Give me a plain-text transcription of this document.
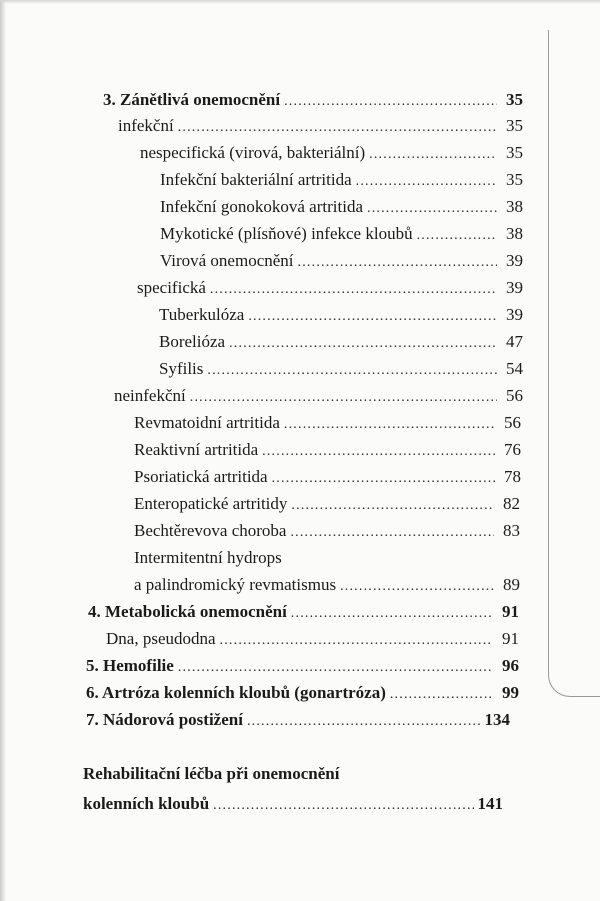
3. Zánětlivá onemocnění .....	35
infekční .....	35
nespecifická (virová, bakteriální) .....	35
Infekční bakteriální artritida .....	35
Infekční gonokoková artritida .....	38
Mykotické (plísňové) infekce kloubů .....	38
Virová onemocnění .....	39
specifická .....	39
Tuberkulóza .....	39
Borelióza .....	47
Syfilis .....	54
neinfekční .....	56
Revmatoidní artritida .....	56
Reaktivní artritida .....	76
Psoriatická artritida .....	78
Enteropatické artritidy .....	82
Bechtěrevova choroba .....	83
Intermitentní hydrops
a palindromický revmatismus .....	89
4. Metabolická onemocnění .....	91
Dna, pseudodna .....	91
5. Hemofilie .....	96
6. Artróza kolenních kloubů (gonartróza) .....	99
7. Nádorová postižení .....	134
Rehabilitační léčba při onemocnění
kolenních kloubů .....	141
